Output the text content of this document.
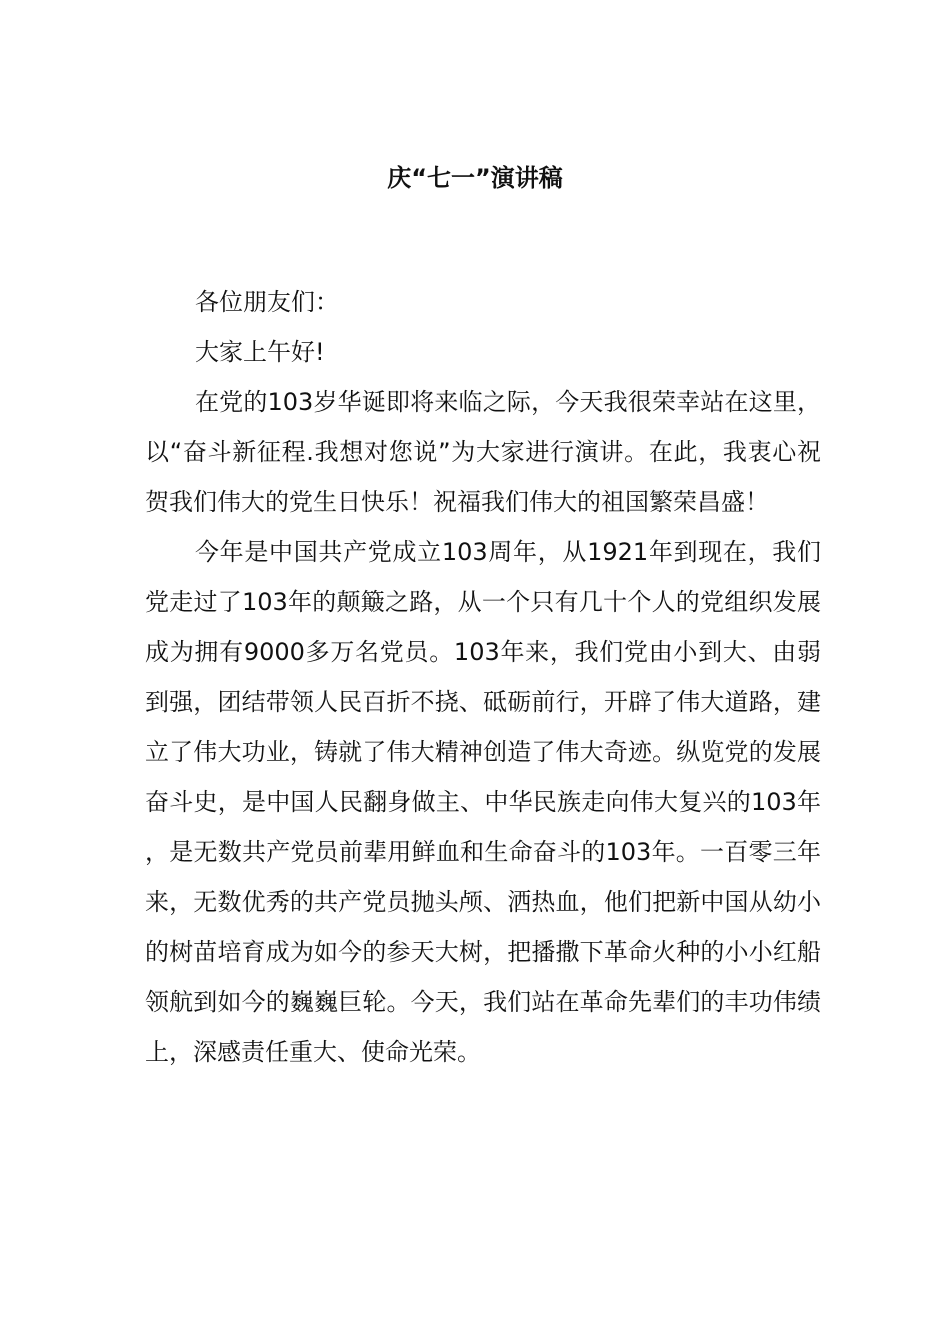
庆“七一”演讲稿

各位朋友们：

大家上午好!

在党的103岁华诞即将来临之际，今天我很荣幸站在这里，以“奋斗新征程.我想对您说”为大家进行演讲。在此，我衷心祝贺我们伟大的党生日快乐！祝福我们伟大的祖国繁荣昌盛！

今年是中国共产党成立103周年，从1921年到现在，我们党走过了103年的颠簸之路，从一个只有几十个人的党组织发展成为拥有9000多万名党员。103年来，我们党由小到大、由弱到强，团结带领人民百折不挠、砥砺前行，开辟了伟大道路，建立了伟大功业，铸就了伟大精神创造了伟大奇迹。纵览党的发展奋斗史，是中国人民翻身做主、中华民族走向伟大复兴的103年，是无数共产党员前辈用鲜血和生命奋斗的103年。一百零三年来，无数优秀的共产党员抛头颅、洒热血，他们把新中国从幼小的树苗培育成为如今的参天大树，把播撒下革命火种的小小红船领航到如今的巍巍巨轮。今天，我们站在革命先辈们的丰功伟绩上，深感责任重大、使命光荣。
